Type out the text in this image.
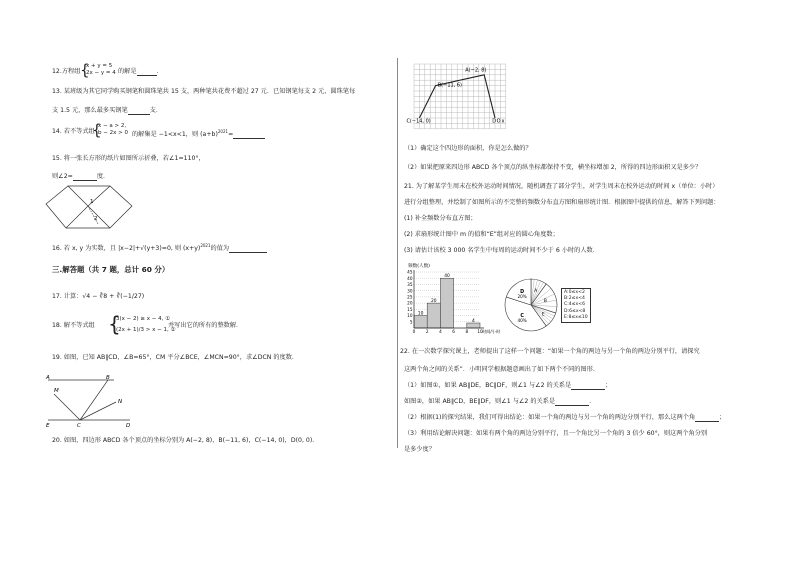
12.方程组 {
x + y = 5
2x − y = 4 的解是	.
13. 某班级为其它同学购买钢笔和圆珠笔共 15 支，两种笔共花费不超过 27 元．已知钢笔每支 2 元，圆珠笔每
支 1.5 元，那么最多买钢笔	支．
14. 若不等式组
{
x − a > 2,
b − 2x > 0 的解集是 −1<x<1，则 $(a+b)^{2021}=$
15. 将一张长方形的纸片如图所示折叠，若∠1=110°，
则∠2=	度．
1
2
16. 若 x, y 为实数，且 |x−2|+√(y+3)=0, 则 $(x+y)^{2021}$的值为
三.解答题（共 7 题，总计 60 分）
17. 计算：√4 − ∛8 + ∛(−1/27)
18. 解不等式组 {
3(x − 2) ≥ x − 4, ①
(2x + 1)/3 > x − 1, ②
并写出它的所有的整数解．
19. 如图，已知 AB∥CD，∠B=65°，CM 平分∠BCE，∠MCN=90°，求∠DCN 的度数．
A	B
M
N
E	C	D
20. 如图，四边形 ABCD 各个顶点的坐标分别为 A(−2, 8)，B(−11, 6)，C(−14, 0)，D(0, 0)．
A(−2, 8)
B(−11, 6)
C(−14, 0)	D O x
（1）确定这个四边形的面积，你是怎么做的？
（2）如果把原来四边形 ABCD 各个顶点的纵坐标都保持不变，横坐标增加 2，所得的四边形面积又是多少？
21. 为了解某学生周末在校外运动时间情况，随机调查了部分学生，对学生周末在校外运动的时间 x（单位：小时）
进行分组整理，并绘制了如图所示的不完整的频数分布直方图和扇形统计图．根据图中提供的信息，解答下列问题：
(1) 补全频数分布直方图；
(2) 求扇形统计图中 m 的值和“E”组对应的圆心角度数；
(3) 请估计该校 3 000 名学生中每周的运动时间不少于 6 小时的人数．
频数(人数)
时间/小时
5
10
15
20
25
30
35
40
45
10
20
40
4
0	2	4	6	8 10
A
B
E
C
40%
D
20%
A:0≤x<2
B:2≤x<4
C:4≤x<6
D:6≤x<8
E:8≤x≤10
22. 在一次数学探究课上，老师提出了这样一个问题：“如果一个角的两边与另一个角的两边分别平行，请探究
这两个角之间的关系”．小明同学根据题意画出了如下两个不同的图形．
（1）如图①，如果 AB∥DE，BC∥DF，则∠1 与∠2 的关系是	；
如图②，如果 AB∥CD，BE∥DF，则∠1 与∠2 的关系是	．
（2）根据(1)的探究结果，我们可得出结论：如果一个角的两边与另一个角的两边分别平行，那么这两个角	；
（3）利用结论解决问题：如果有两个角的两边分别平行，且一个角比另一个角的 3 倍少 60°，则这两个角分别
是多少度？
